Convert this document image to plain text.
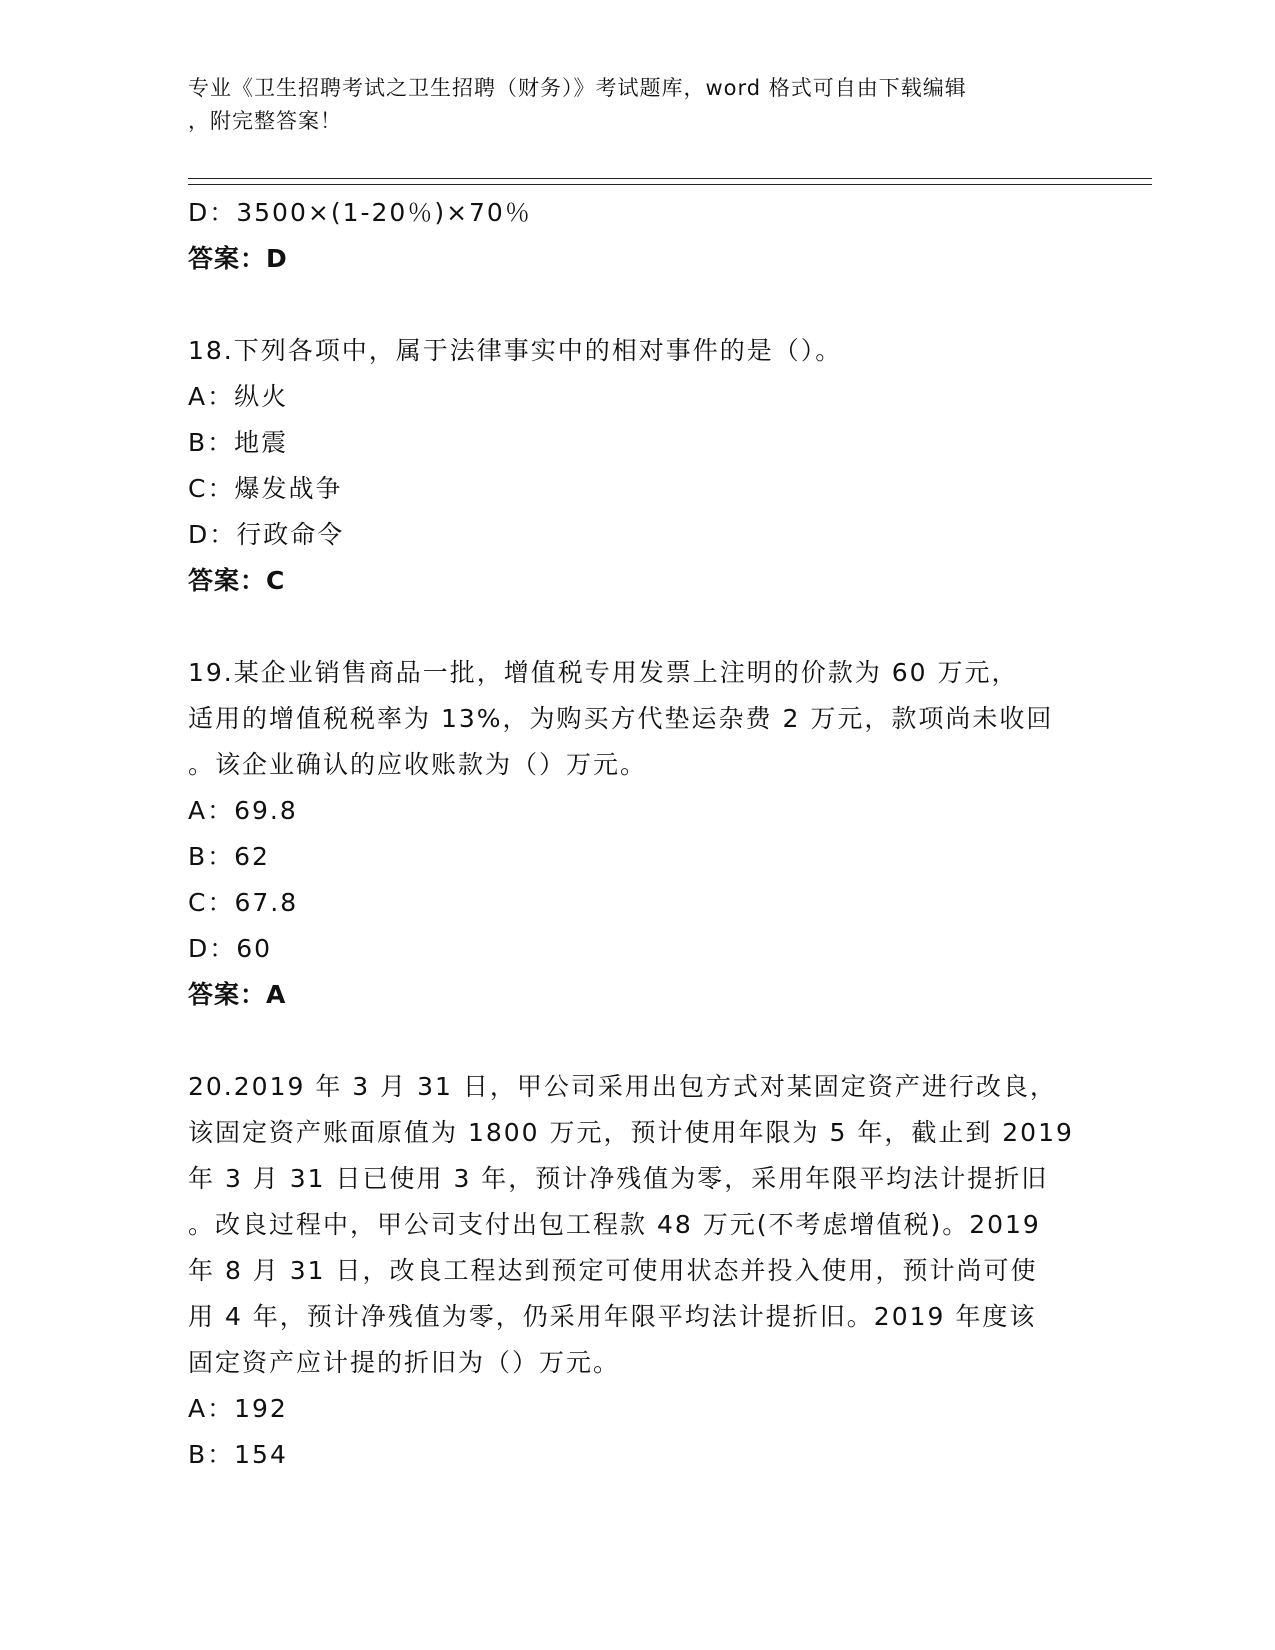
专业《卫生招聘考试之卫生招聘（财务）》考试题库，word 格式可自由下载编辑
，附完整答案！
D：3500×(1-20％)×70％
答案：D
18.下列各项中，属于法律事实中的相对事件的是（）。
A：纵火
B：地震
C：爆发战争
D：行政命令
答案：C
19.某企业销售商品一批，增值税专用发票上注明的价款为 60 万元，
适用的增值税税率为 13%，为购买方代垫运杂费 2 万元，款项尚未收回
。该企业确认的应收账款为（）万元。
A：69.8
B：62
C：67.8
D：60
答案：A
20.2019 年 3 月 31 日，甲公司采用出包方式对某固定资产进行改良，
该固定资产账面原值为 1800 万元，预计使用年限为 5 年，截止到 2019
年 3 月 31 日已使用 3 年，预计净残值为零，采用年限平均法计提折旧
。改良过程中，甲公司支付出包工程款 48 万元(不考虑增值税)。2019
年 8 月 31 日，改良工程达到预定可使用状态并投入使用，预计尚可使
用 4 年，预计净残值为零，仍采用年限平均法计提折旧。2019 年度该
固定资产应计提的折旧为（）万元。
A：192
B：154
